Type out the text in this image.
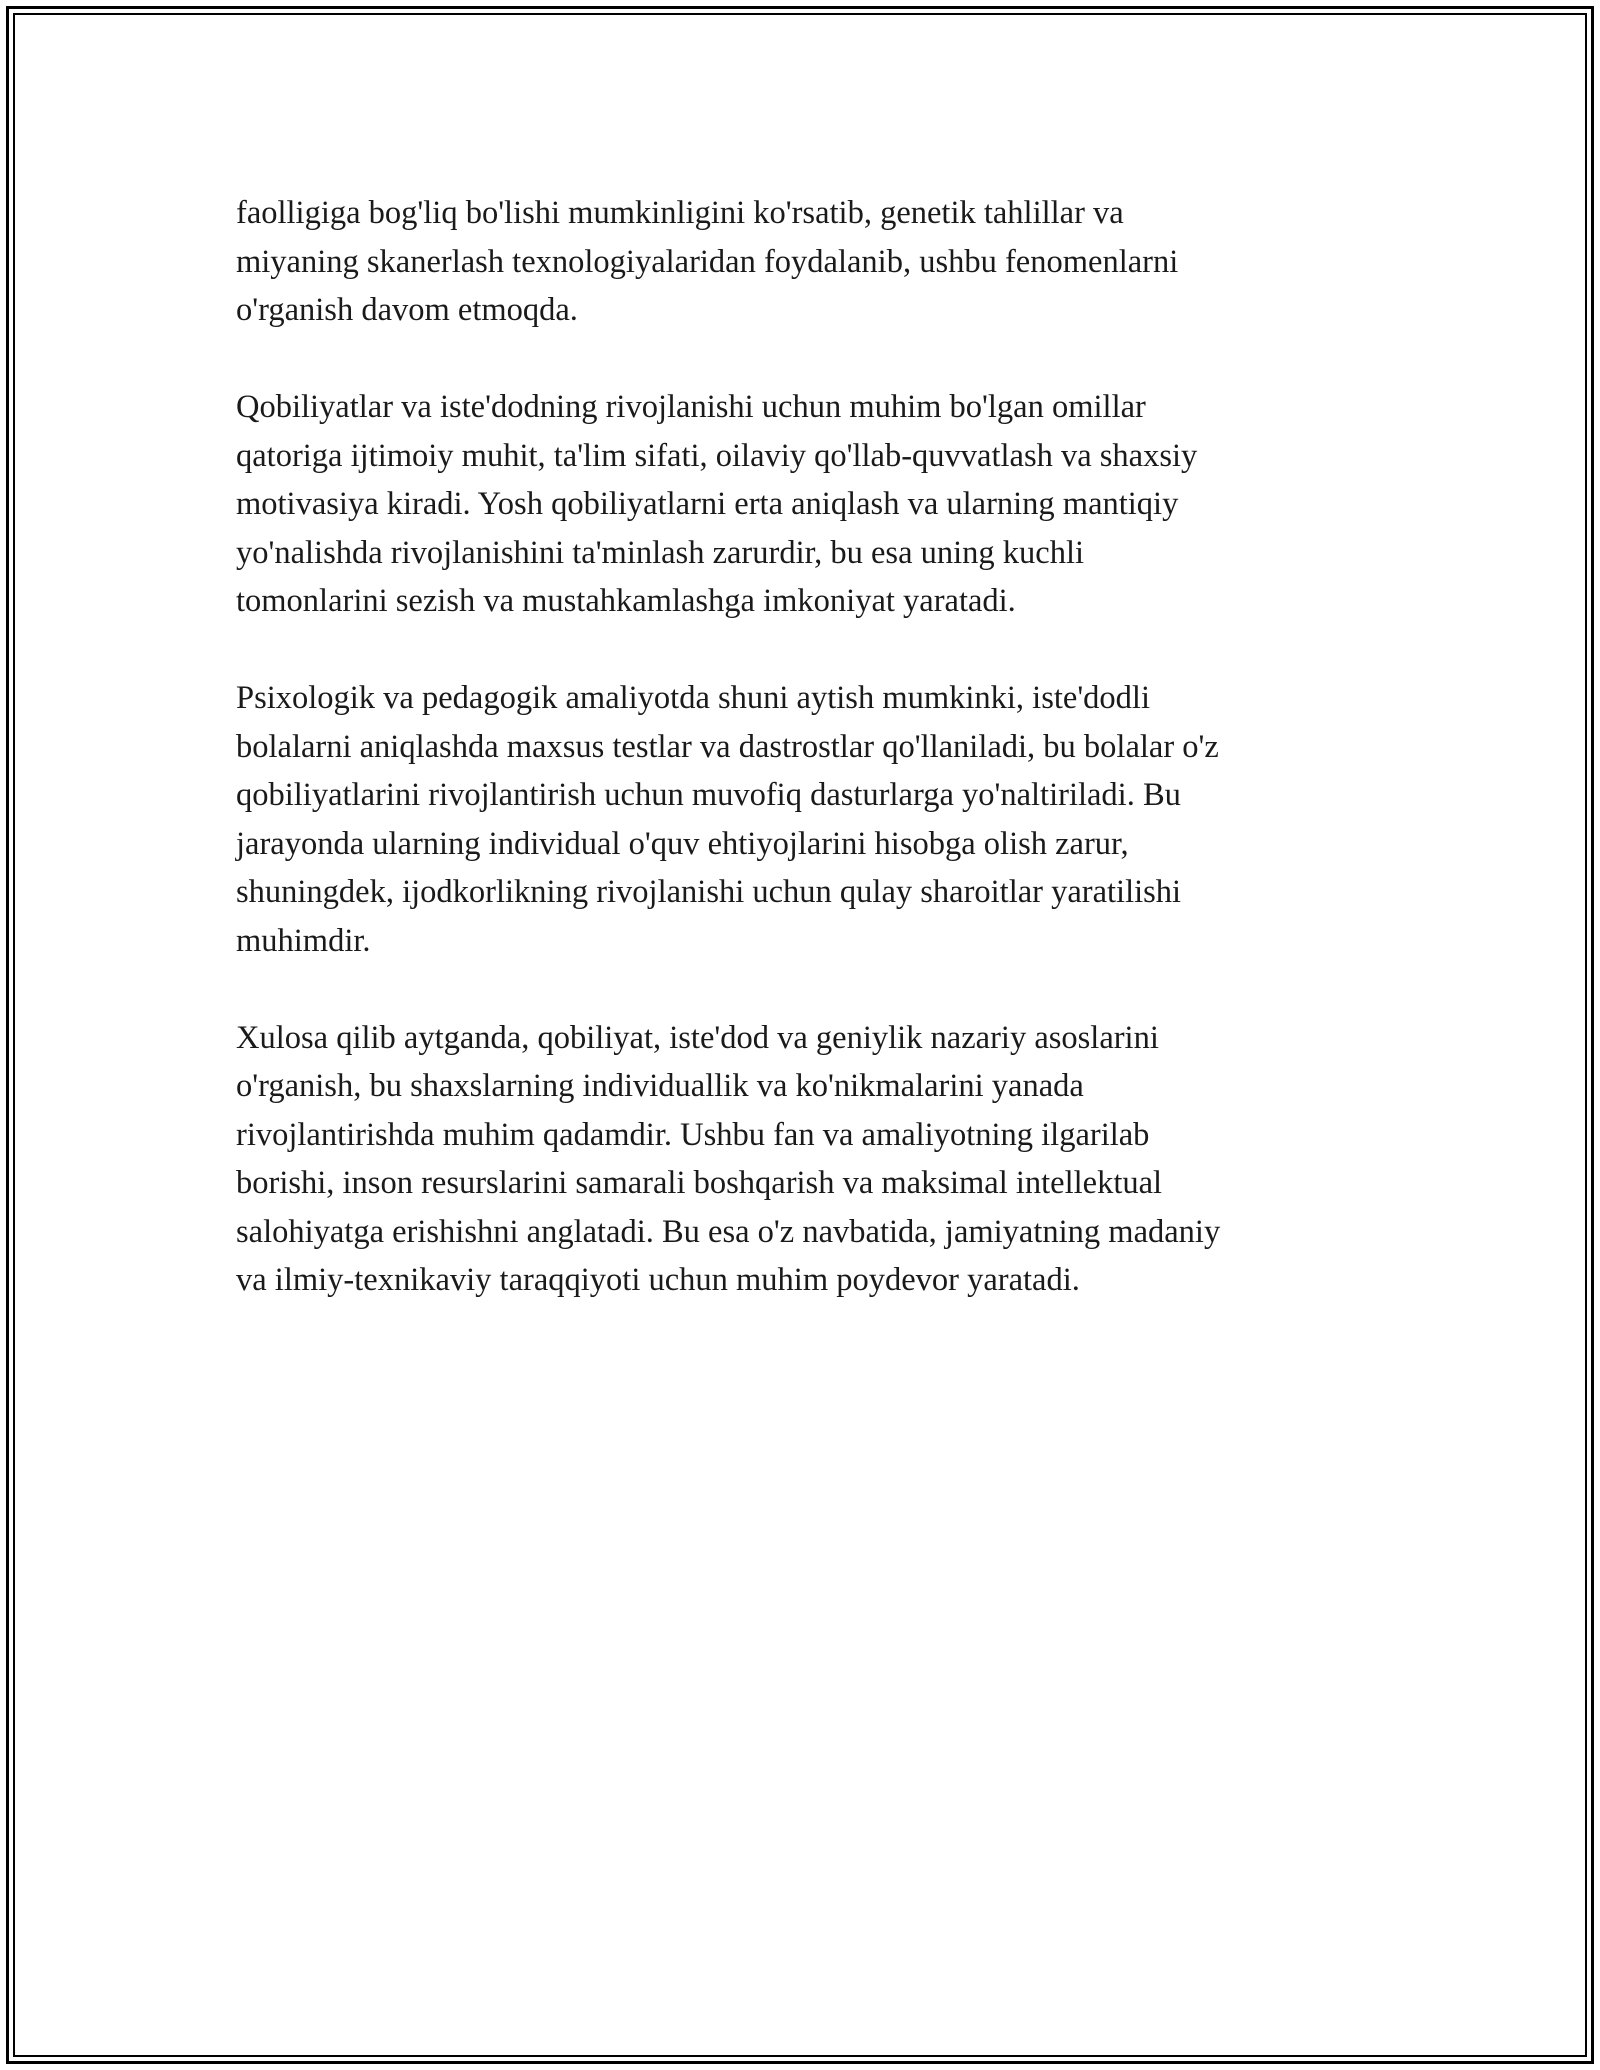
faolligiga bog'liq bo'lishi mumkinligini ko'rsatib, genetik tahlillar va
miyaning skanerlash texnologiyalaridan foydalanib, ushbu fenomenlarni
o'rganish davom etmoqda.

Qobiliyatlar va iste'dodning rivojlanishi uchun muhim bo'lgan omillar
qatoriga ijtimoiy muhit, ta'lim sifati, oilaviy qo'llab-quvvatlash va shaxsiy
motivasiya kiradi. Yosh qobiliyatlarni erta aniqlash va ularning mantiqiy
yo'nalishda rivojlanishini ta'minlash zarurdir, bu esa uning kuchli
tomonlarini sezish va mustahkamlashga imkoniyat yaratadi.

Psixologik va pedagogik amaliyotda shuni aytish mumkinki, iste'dodli
bolalarni aniqlashda maxsus testlar va dastrostlar qo'llaniladi, bu bolalar o'z
qobiliyatlarini rivojlantirish uchun muvofiq dasturlarga yo'naltiriladi. Bu
jarayonda ularning individual o'quv ehtiyojlarini hisobga olish zarur,
shuningdek, ijodkorlikning rivojlanishi uchun qulay sharoitlar yaratilishi
muhimdir.

Xulosa qilib aytganda, qobiliyat, iste'dod va geniylik nazariy asoslarini
o'rganish, bu shaxslarning individuallik va ko'nikmalarini yanada
rivojlantirishda muhim qadamdir. Ushbu fan va amaliyotning ilgarilab
borishi, inson resurslarini samarali boshqarish va maksimal intellektual
salohiyatga erishishni anglatadi. Bu esa o'z navbatida, jamiyatning madaniy
va ilmiy-texnikaviy taraqqiyoti uchun muhim poydevor yaratadi.
